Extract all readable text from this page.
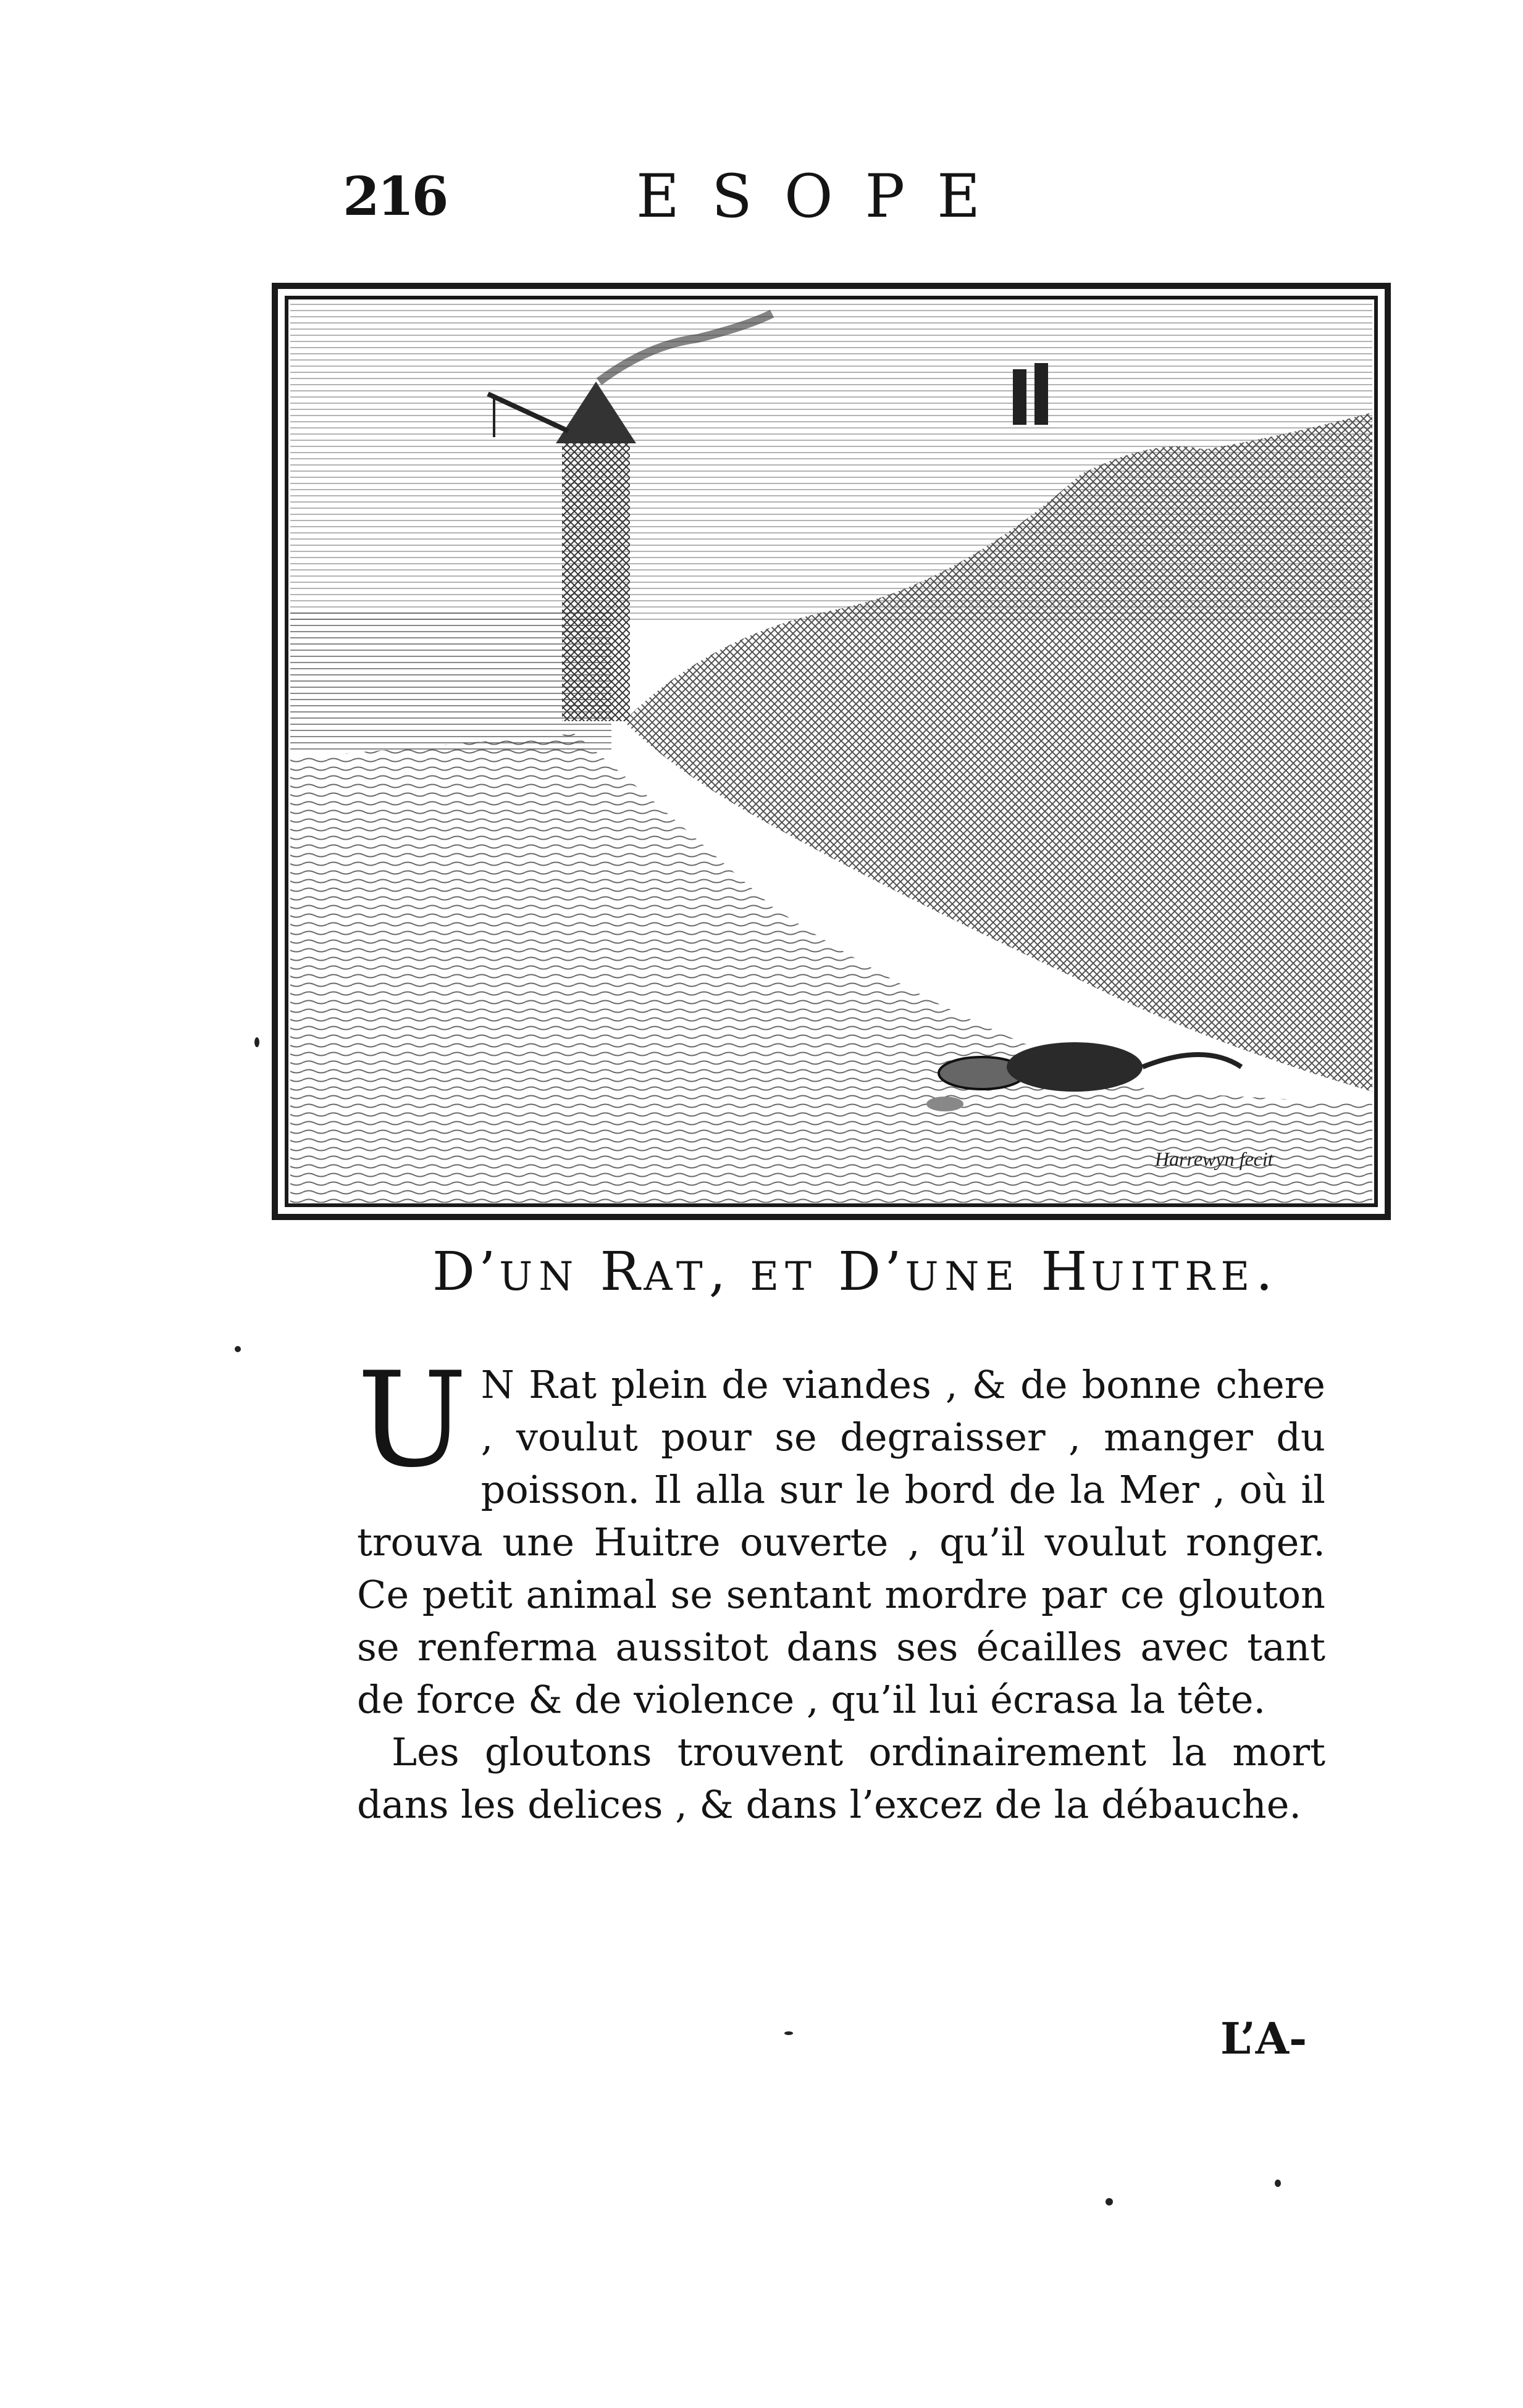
216	ESOPE
Harrewyn fecit
D’UN RAT, ET D’UNE HUITRE.

U N Rat plein de viandes , & de bonne chere , voulut pour se degraisser , manger du poisson. Il alla sur le bord de la Mer , où il trouva une Huitre ouverte , qu’il voulut ronger. Ce petit animal se sentant mordre par ce glouton se renferma aussitot dans ses écailles avec tant de force & de violence , qu’il lui écrasa la tête.

Les gloutons trouvent ordinairement la mort dans les delices , & dans l’excez de la débauche.

L’A-
